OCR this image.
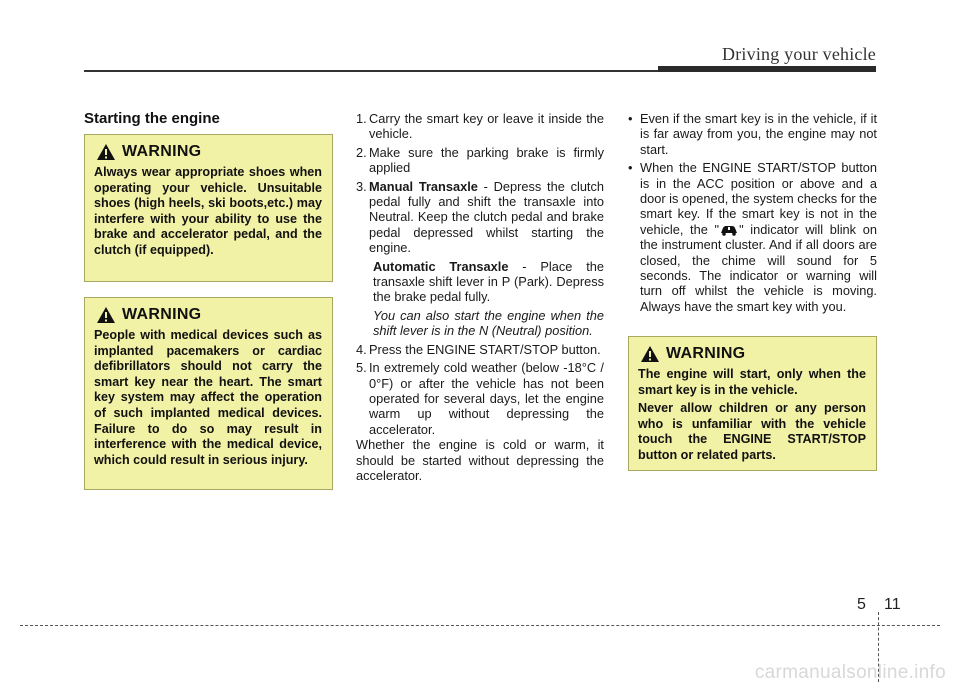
Driving your vehicle
Starting the engine
WARNING

Always wear appropriate shoes when operating your vehicle. Unsuitable shoes (high heels, ski boots,etc.) may interfere with your ability to use the brake and accelerator pedal, and the clutch (if equipped).

WARNING

People with medical devices such as implanted pacemakers or cardiac defibrillators should not carry the smart key near the heart. The smart key system may affect the operation of such implanted medical devices. Failure to do so may result in interference with the medical device, which could result in serious injury.

1. Carry the smart key or leave it inside the vehicle.
2. Make sure the parking brake is firmly applied
3. Manual Transaxle - Depress the clutch pedal fully and shift the transaxle into Neutral. Keep the clutch pedal and brake pedal depressed whilst starting the engine.
Automatic Transaxle - Place the transaxle shift lever in P (Park). Depress the brake pedal fully.
You can also start the engine when the shift lever is in the N (Neutral) position.
4. Press the ENGINE START/STOP button.
5. In extremely cold weather (below -18°C / 0°F) or after the vehicle has not been operated for several days, let the engine warm up without depressing the accelerator.

Whether the engine is cold or warm, it should be started without depressing the accelerator.

• Even if the smart key is in the vehicle, if it is far away from you, the engine may not start.
• When the ENGINE START/STOP button is in the ACC position or above and a door is opened, the system checks for the smart key. If the smart key is not in the vehicle, the " " indicator will blink on the instrument cluster. And if all doors are closed, the chime will sound for 5 seconds. The indicator or warning will turn off whilst the vehicle is moving. Always have the smart key with you.
WARNING

The engine will start, only when the smart key is in the vehicle.

Never allow children or any person who is unfamiliar with the vehicle touch the ENGINE START/STOP button or related parts.

5 11
carmanualsonline.info
